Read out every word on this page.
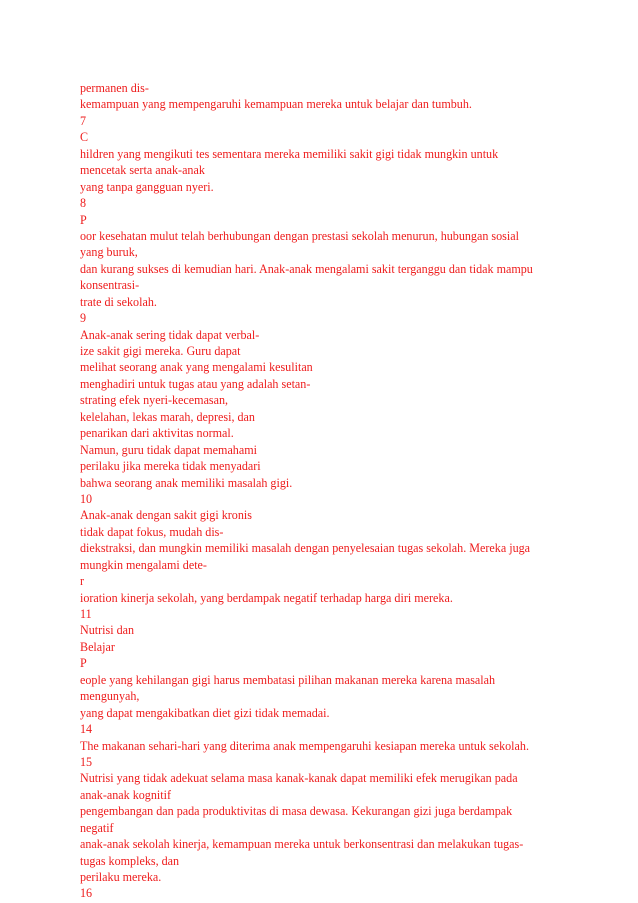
permanen dis-
kemampuan yang mempengaruhi kemampuan mereka untuk belajar dan tumbuh.
7
C
hildren yang mengikuti tes sementara mereka memiliki sakit gigi tidak mungkin untuk
mencetak serta anak-anak
yang tanpa gangguan nyeri.
8
P
oor kesehatan mulut telah berhubungan dengan prestasi sekolah menurun, hubungan sosial
yang buruk,
dan kurang sukses di kemudian hari. Anak-anak mengalami sakit terganggu dan tidak mampu
konsentrasi-
trate di sekolah.
9
Anak-anak sering tidak dapat verbal-
ize sakit gigi mereka. Guru dapat
melihat seorang anak yang mengalami kesulitan
menghadiri untuk tugas atau yang adalah setan-
strating efek nyeri-kecemasan,
kelelahan, lekas marah, depresi, dan
penarikan dari aktivitas normal.
Namun, guru tidak dapat memahami
perilaku jika mereka tidak menyadari
bahwa seorang anak memiliki masalah gigi.
10
Anak-anak dengan sakit gigi kronis
tidak dapat fokus, mudah dis-
diekstraksi, dan mungkin memiliki masalah dengan penyelesaian tugas sekolah. Mereka juga
mungkin mengalami dete-
r
ioration kinerja sekolah, yang berdampak negatif terhadap harga diri mereka.
11
Nutrisi dan
Belajar
P
eople yang kehilangan gigi harus membatasi pilihan makanan mereka karena masalah
mengunyah,
yang dapat mengakibatkan diet gizi tidak memadai.
14
The makanan sehari-hari yang diterima anak mempengaruhi kesiapan mereka untuk sekolah.
15
Nutrisi yang tidak adekuat selama masa kanak-kanak dapat memiliki efek merugikan pada
anak-anak kognitif
pengembangan dan pada produktivitas di masa dewasa. Kekurangan gizi juga berdampak
negatif
anak-anak sekolah kinerja, kemampuan mereka untuk berkonsentrasi dan melakukan tugas-
tugas kompleks, dan
perilaku mereka.
16
